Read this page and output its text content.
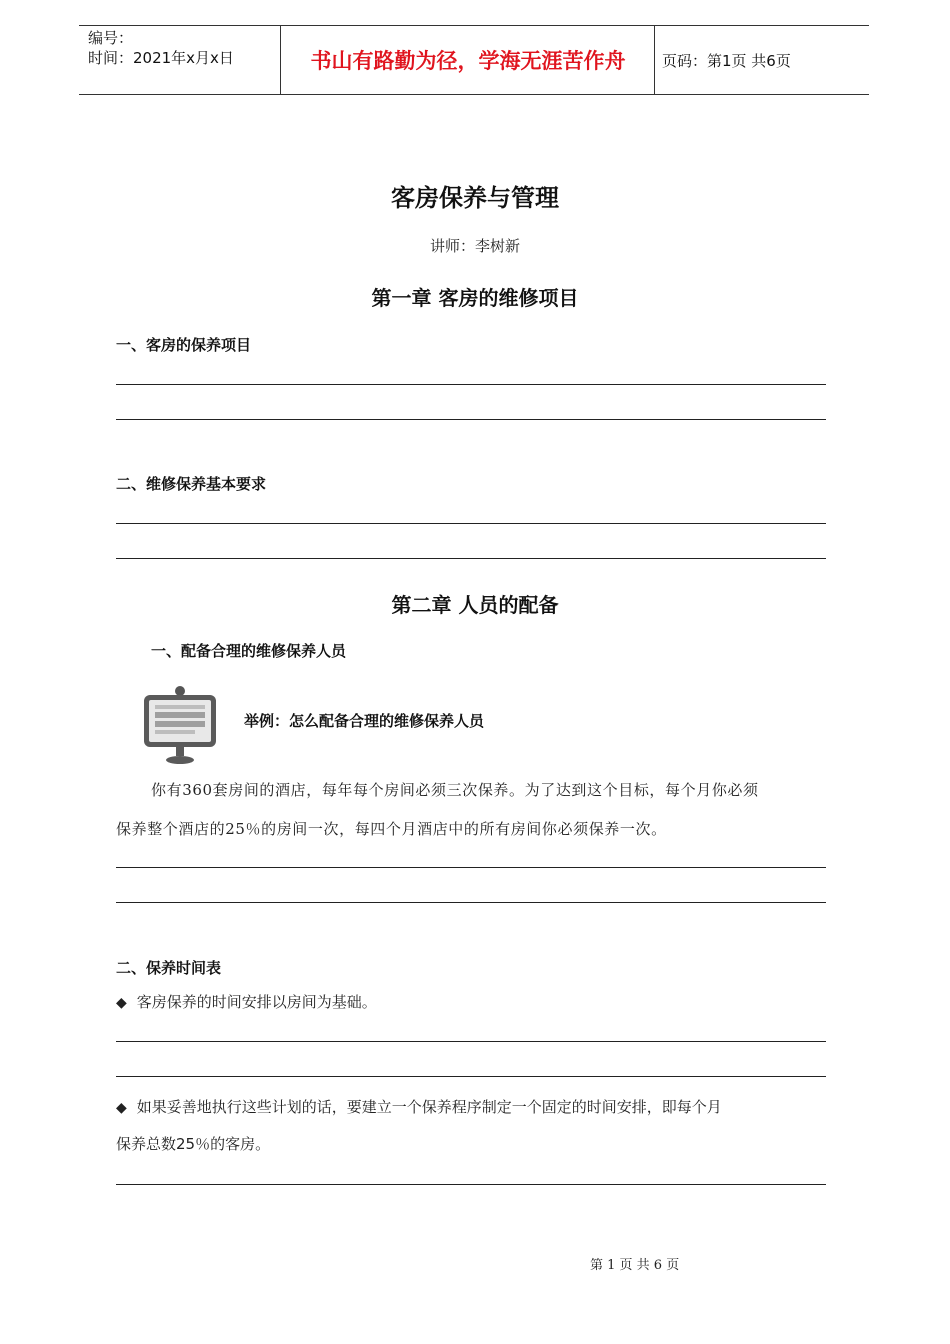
编号：
时间：2021年x月x日	书山有路勤为径，学海无涯苦作舟	页码：第1页 共6页
客房保养与管理
讲师：李树新
第一章 客房的维修项目
一、客房的保养项目
二、维修保养基本要求
第二章 人员的配备
一、配备合理的维修保养人员
举例：怎么配备合理的维修保养人员
你有360套房间的酒店，每年每个房间必须三次保养。为了达到这个目标，每个月你必须
保养整个酒店的25％的房间一次，每四个月酒店中的所有房间你必须保养一次。
二、保养时间表
◆ 客房保养的时间安排以房间为基础。
◆ 如果妥善地执行这些计划的话，要建立一个保养程序制定一个固定的时间安排，即每个月
保养总数25％的客房。
第 1 页 共 6 页
